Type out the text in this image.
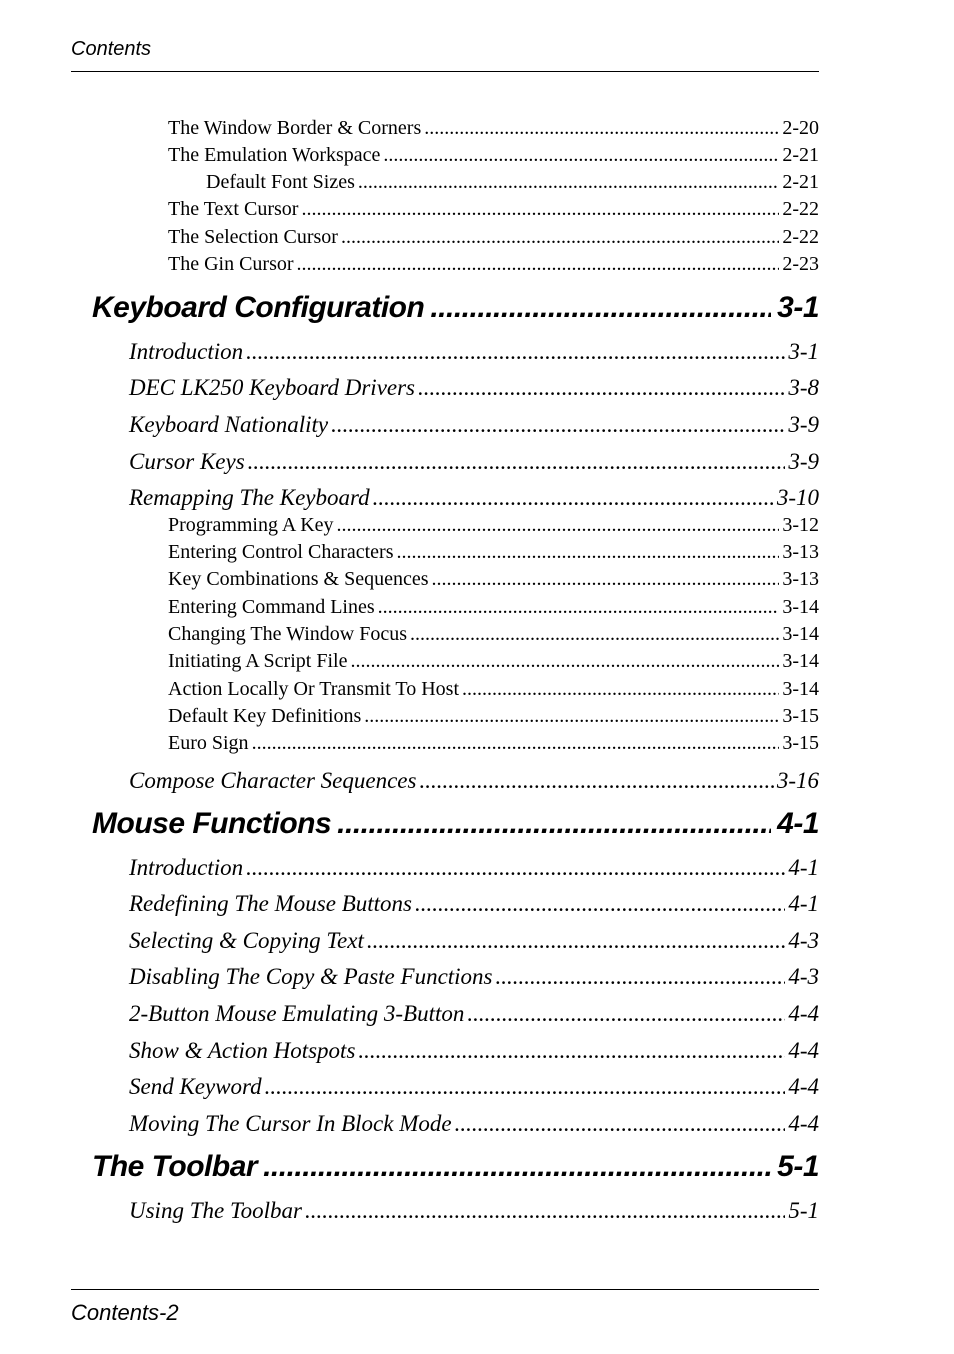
Contents
The Window Border & Corners .....	2-20
The Emulation Workspace .....	2-21
Default Font Sizes .....	2-21
The Text Cursor .....	2-22
The Selection Cursor .....	2-22
The Gin Cursor .....	2-23
Keyboard Configuration .....	3-1
Introduction .....	3-1
DEC LK250 Keyboard Drivers .....	3-8
Keyboard Nationality .....	3-9
Cursor Keys .....	3-9
Remapping The Keyboard .....	3-10
Programming A Key .....	3-12
Entering Control Characters .....	3-13
Key Combinations & Sequences .....	3-13
Entering Command Lines .....	3-14
Changing The Window Focus .....	3-14
Initiating A Script File .....	3-14
Action Locally Or Transmit To Host .....	3-14
Default Key Definitions .....	3-15
Euro Sign .....	3-15
Compose Character Sequences .....	3-16
Mouse Functions .....	4-1
Introduction .....	4-1
Redefining The Mouse Buttons .....	4-1
Selecting & Copying Text .....	4-3
Disabling The Copy & Paste Functions .....	4-3
2-Button Mouse Emulating 3-Button .....	4-4
Show & Action Hotspots .....	4-4
Send Keyword .....	4-4
Moving The Cursor In Block Mode .....	4-4
The Toolbar .....	5-1
Using The Toolbar .....	5-1
Contents-2
